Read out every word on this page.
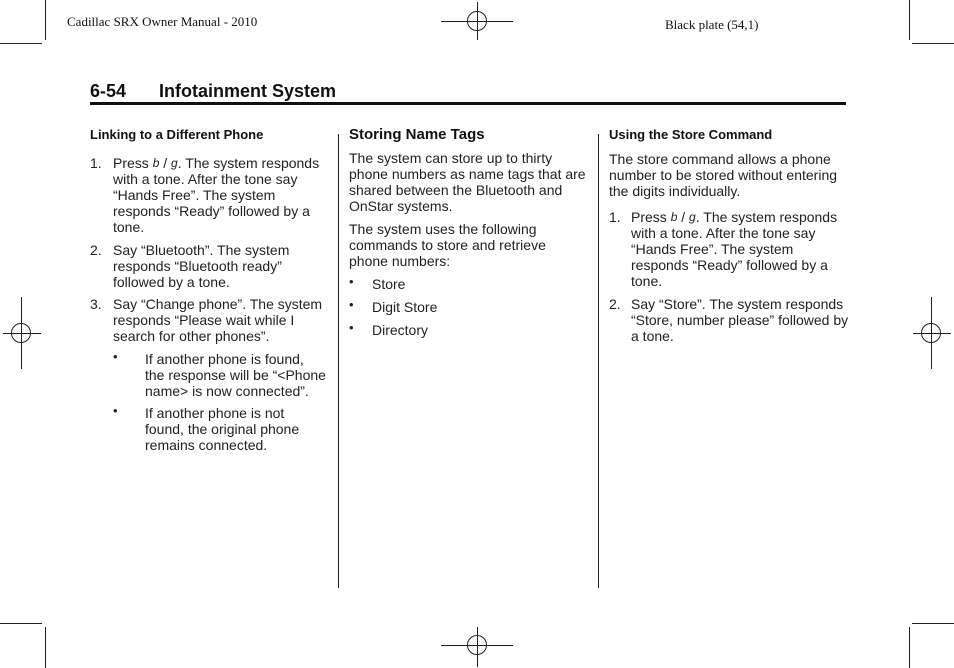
Cadillac SRX Owner Manual - 2010	Black plate (54,1)
6-54 Infotainment System

Linking to a Different Phone

1. Press b / g. The system responds with a tone. After the tone say “Hands Free”. The system responds “Ready” followed by a tone.
2. Say “Bluetooth”. The system responds “Bluetooth ready” followed by a tone.
3. Say “Change phone”. The system responds “Please wait while I search for other phones”.
• If another phone is found, the response will be “<Phone name> is now connected”.
• If another phone is not found, the original phone remains connected.

Storing Name Tags

The system can store up to thirty phone numbers as name tags that are shared between the Bluetooth and OnStar systems.

The system uses the following commands to store and retrieve phone numbers:

• Store
• Digit Store
• Directory

Using the Store Command

The store command allows a phone number to be stored without entering the digits individually.

1. Press b / g. The system responds with a tone. After the tone say “Hands Free”. The system responds “Ready” followed by a tone.
2. Say “Store”. The system responds “Store, number please” followed by a tone.
